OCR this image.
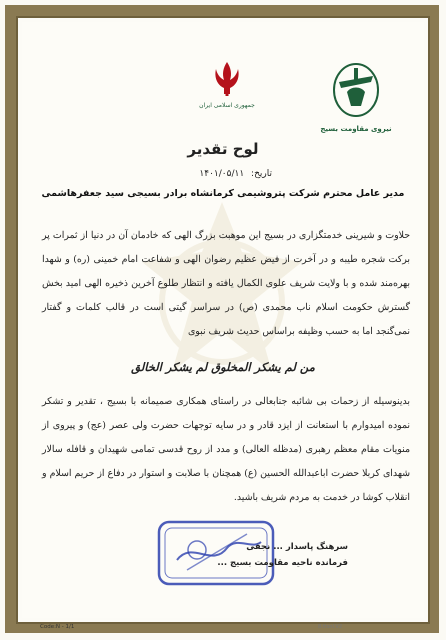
جمهوری اسلامی ایران
نیروی مقاومت بسیج
لوح تقدیر
تاریخ: ۱۴۰۱/۰۵/۱۱
مدیر عامل محترم شرکت پتروشیمی کرمانشاه برادر بسیجی سید جعفرهاشمی
حلاوت و شیرینی خدمتگزاری در بسیج این موهبت بزرگ الهی که خادمان آن در دنیا از ثمرات پر برکت شجره طیبه و در آخرت از فیض عظیم رضوان الهی و شفاعت امام خمینی (ره) و شهدا بهره‌مند شده و با ولایت شریف علوی الکمال یافته و انتظار طلوع آخرین ذخیره الهی امید بخش گسترش حکومت اسلام ناب محمدی (ص) در سراسر گیتی است در قالب کلمات و گفتار نمی‌گنجد اما به حسب وظیفه براساس حدیث شریف نبوی
من لم یشکر المخلوق لم یشکر الخالق
بدینوسیله از زحمات بی شائبه جنابعالی در راستای همکاری صمیمانه با بسیج ، تقدیر و تشکر نموده امیدوارم با استعانت از ایزد قادر و در سایه توجهات حضرت ولی عصر (عج) و پیروی از منویات مقام معظم رهبری (مدظله العالی) و مدد از روح قدسی تمامی شهیدان و قافله سالار شهدای کربلا حضرت اباعبدالله الحسین (ع) همچنان با صلابت و استوار در دفاع از حریم اسلام و انقلاب کوشا در خدمت به مردم شریف باشید.
سرهنگ پاسدار ... نجفی
فرمانده ناحیه مقاومت بسیج ...
Code:N - 1/1	8.ttsnl.V2
